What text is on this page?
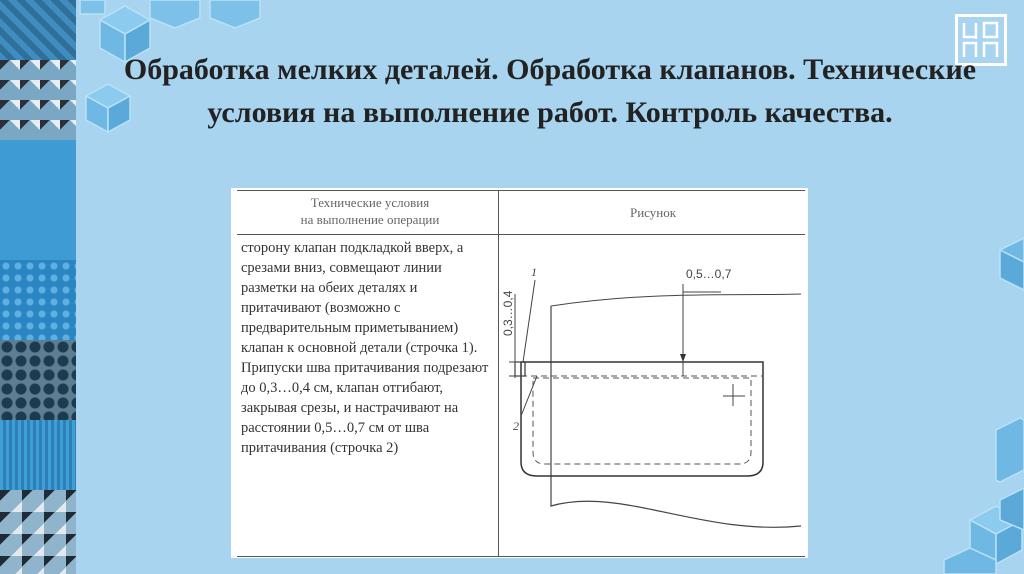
Обработка мелких деталей. Обработка клапанов. Технические условия на выполнение работ. Контроль качества.
Технические условия
на выполнение операции	Рисунок

сторону клапан подкладкой вверх, а срезами вниз, совмещают линии разметки на обеих деталях и притачивают (возможно с предварительным приметыванием) клапан к основной детали (строчка 1). Припуски шва притачивания подрезают до 0,3…0,4 см, клапан отгибают, закрывая срезы, и настрачивают на расстоянии 0,5…0,7 см от шва притачивания (строчка 2)

0,5…0,7
0,3…0,4
1
2
